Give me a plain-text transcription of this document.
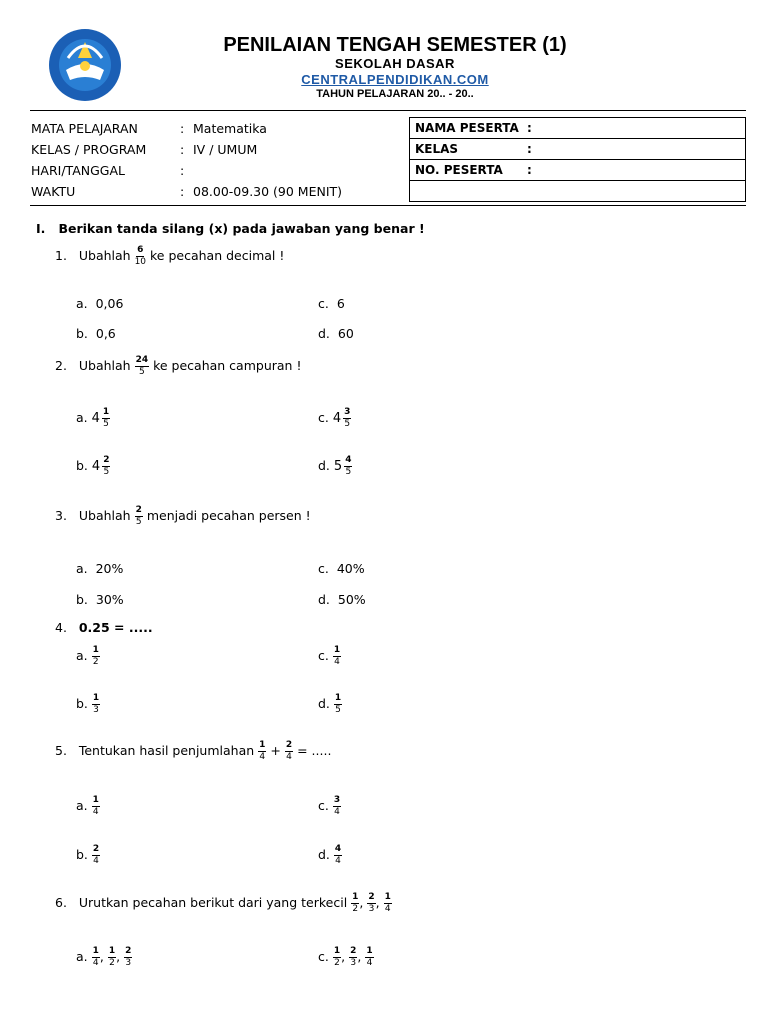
PENILAIAN TENGAH SEMESTER (1)
SEKOLAH DASAR
CENTRALPENDIDIKAN.COM
TAHUN PELAJARAN 20.. - 20..
MATA PELAJARAN	: Matematika
KELAS / PROGRAM	: IV / UMUM
HARI/TANGGAL	:
WAKTU	: 08.00-09.30 (90 MENIT)
NAMA PESERTA :
KELAS	:
NO. PESERTA :

I. Berikan tanda silang (x) pada jawaban yang benar !
1. Ubahlah $\frac{6}{10}$ ke pecahan decimal !
a. 0,06	c. 6
b. 0,6	d. 60
2. Ubahlah $\frac{24}{5}$ ke pecahan campuran !
a. $4 \frac{1}{5}$	c. $4 \frac{3}{5}$
b. $4 \frac{2}{5}$	d. $5 \frac{4}{5}$
3. Ubahlah $\frac{2}{5}$ menjadi pecahan persen !
a. 20%	c. 40%
b. 30%	d. 50%
4. 0.25 = .....
a. $\frac{1}{2}$	c. $\frac{1}{4}$
b. $\frac{1}{3}$	d. $\frac{1}{5}$
5. Tentukan hasil penjumlahan $\frac{1}{4} + \frac{2}{4}$ = .....
a. $\frac{1}{4}$	c. $\frac{3}{4}$
b. $\frac{2}{4}$	d. $\frac{4}{4}$
6. Urutkan pecahan berikut dari yang terkecil $\frac{1}{2}$ , $\frac{2}{3}$ , $\frac{1}{4}$
a. $\frac{1}{4}$ , $\frac{1}{2}$ , $\frac{2}{3}$	c. $\frac{1}{2}$ , $\frac{2}{3}$ , $\frac{1}{4}$
